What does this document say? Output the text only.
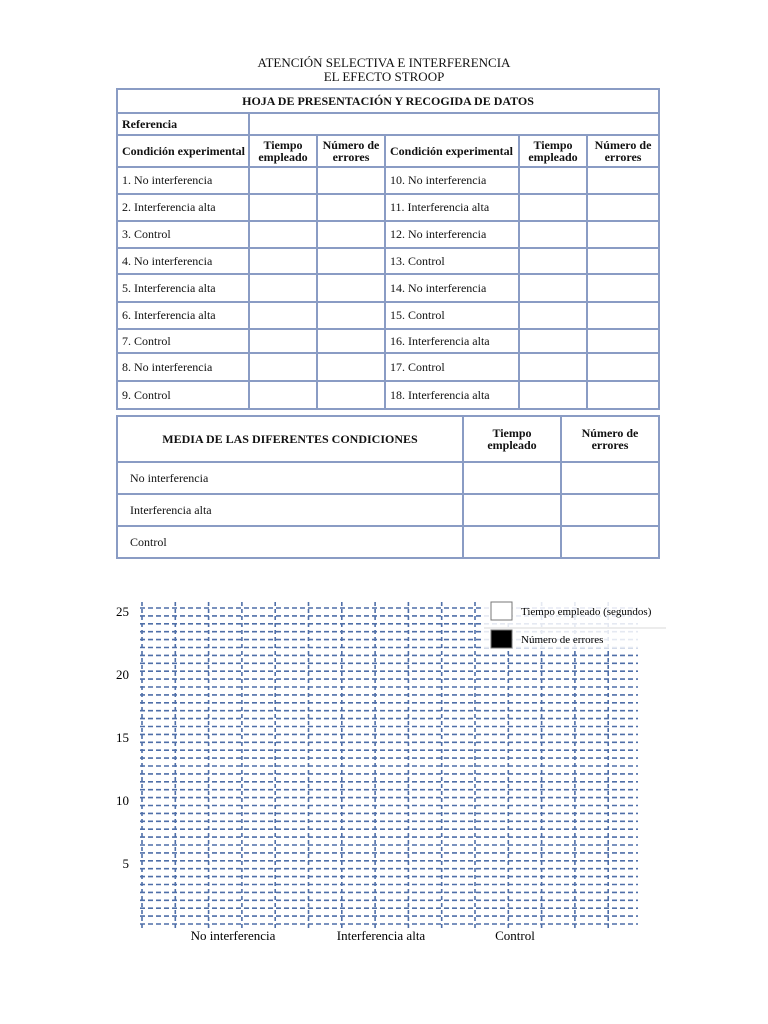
ATENCIÓN SELECTIVA E INTERFERENCIA
EL EFECTO STROOP
HOJA DE PRESENTACIÓN Y RECOGIDA DE DATOS					
Referencia					
Condición experimental	Tiempo empleado	Número de errores	Condición experimental	Tiempo empleado	Número de errores
1. No interferencia			10. No interferencia		
2. Interferencia alta			11. Interferencia alta		
3. Control			12. No interferencia		
4. No interferencia			13. Control		
5. Interferencia alta			14. No interferencia		
6. Interferencia alta			15. Control		
7. Control			16. Interferencia alta		
8. No interferencia			17. Control		
9. Control			18. Interferencia alta		
MEDIA DE LAS DIFERENTES CONDICIONES	Tiempo empleado	Número de errores
No interferencia		
Interferencia alta		
Control		
5
10
15
20
25
No interferencia	Interferencia alta	Control
Tiempo empleado (segundos)
Número de errores
